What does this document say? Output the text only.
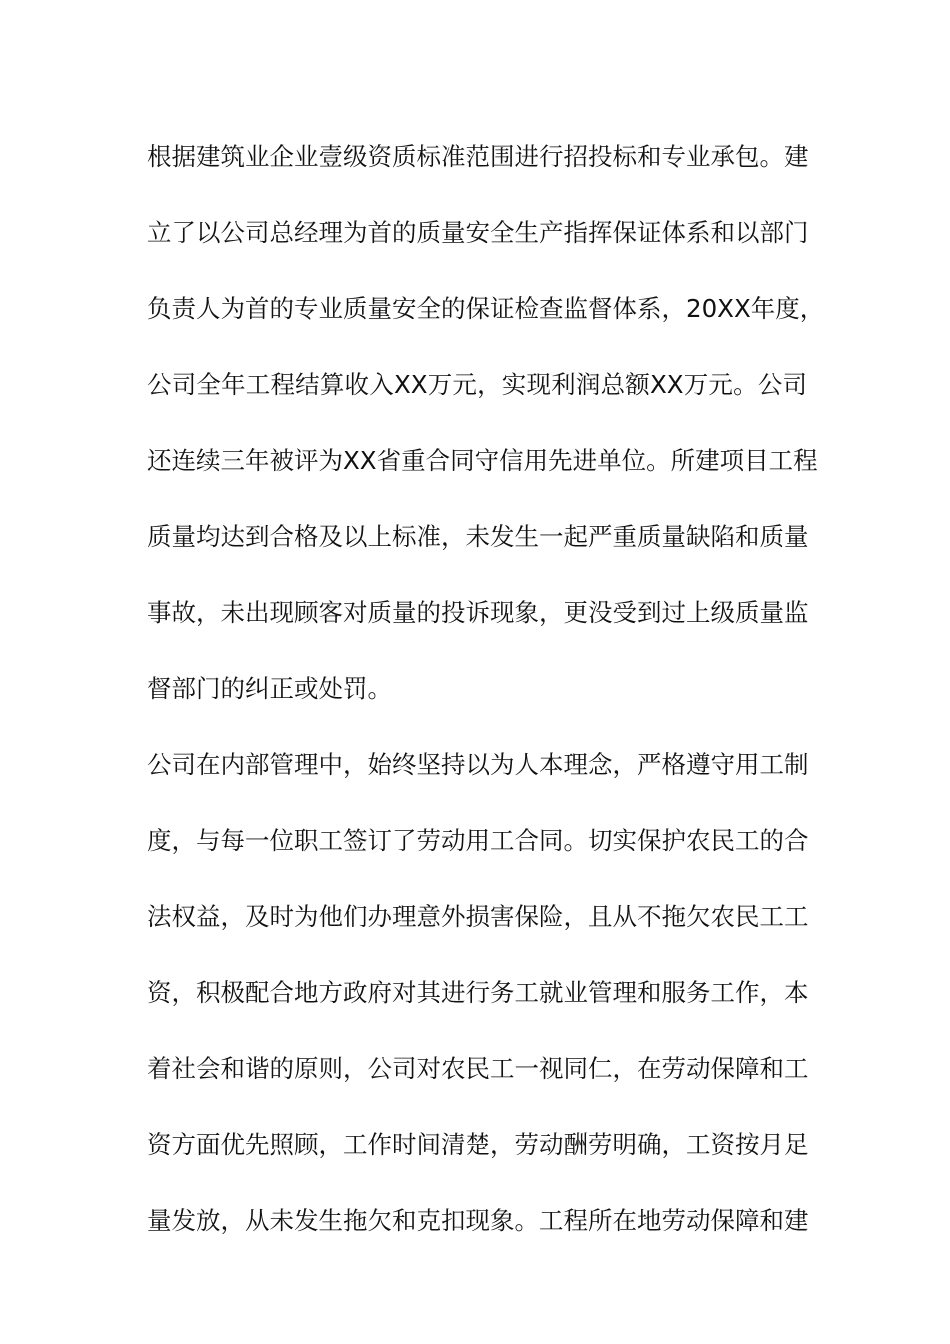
根据建筑业企业壹级资质标准范围进行招投标和专业承包。建
立了以公司总经理为首的质量安全生产指挥保证体系和以部门
负责人为首的专业质量安全的保证检查监督体系，20XX年度，
公司全年工程结算收入XX万元，实现利润总额XX万元。公司
还连续三年被评为XX省重合同守信用先进单位。所建项目工程
质量均达到合格及以上标准，未发生一起严重质量缺陷和质量
事故，未出现顾客对质量的投诉现象，更没受到过上级质量监
督部门的纠正或处罚。
公司在内部管理中，始终坚持以为人本理念，严格遵守用工制
度，与每一位职工签订了劳动用工合同。切实保护农民工的合
法权益，及时为他们办理意外损害保险，且从不拖欠农民工工
资，积极配合地方政府对其进行务工就业管理和服务工作，本
着社会和谐的原则，公司对农民工一视同仁，在劳动保障和工
资方面优先照顾，工作时间清楚，劳动酬劳明确，工资按月足
量发放，从未发生拖欠和克扣现象。工程所在地劳动保障和建
